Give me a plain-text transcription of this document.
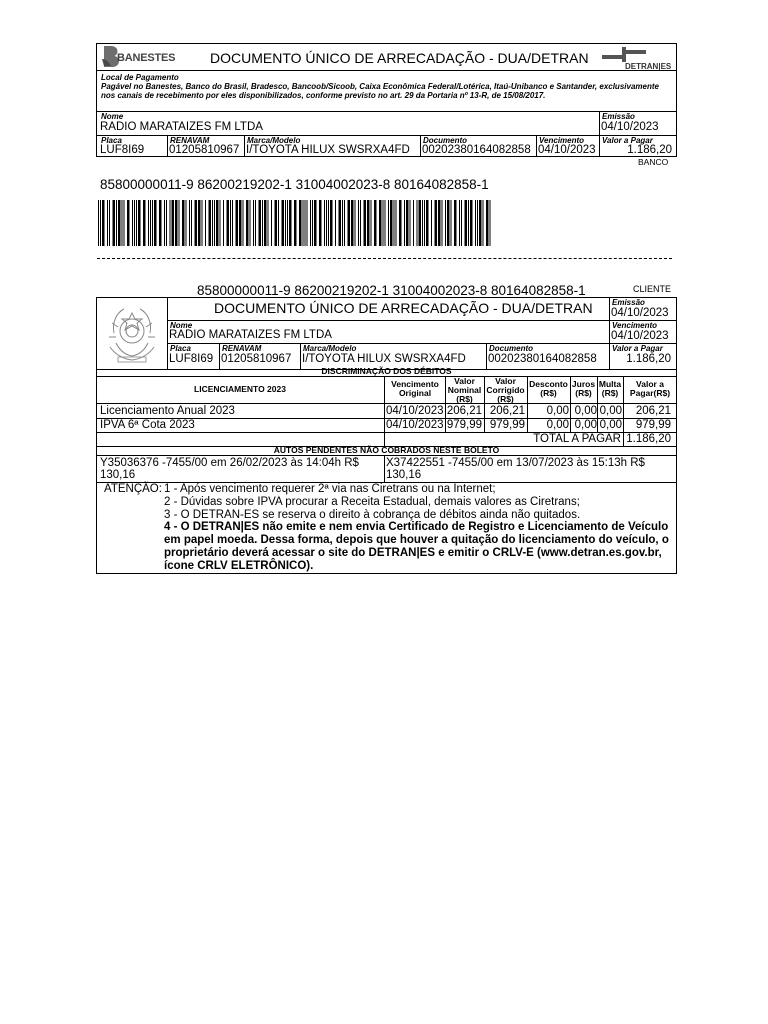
BANESTES DOCUMENTO ÚNICO DE ARRECADAÇÃO - DUA/DETRAN
DETRAN|ES
Local de Pagamento
Pagável no Banestes, Banco do Brasil, Bradesco, Bancoob/Sicoob, Caixa Econômica Federal/Lotérica, Itaú-Unibanco e Santander, exclusivamente nos canais de recebimento por eles disponibilizados, conforme previsto no art. 29 da Portaria nº 13-R, de 15/08/2017.
Nome
RADIO MARATAIZES FM LTDA
Emissão
04/10/2023
Placa
LUF8I69
RENAVAM
01205810967
Marca/Modelo
I/TOYOTA HILUX SWSRXA4FD
Documento
00202380164082858
Vencimento
04/10/2023
Valor a Pagar
1.186,20
BANCO
85800000011-9 86200219202-1 31004002023-8 80164082858-1
85800000011-9 86200219202-1 31004002023-8 80164082858-1	CLIENTE
DOCUMENTO ÚNICO DE ARRECADAÇÃO - DUA/DETRAN Emissão
04/10/2023
Nome
RADIO MARATAIZES FM LTDA
Vencimento
04/10/2023
Placa
LUF8I69
RENAVAM
01205810967
Marca/Modelo
I/TOYOTA HILUX SWSRXA4FD
Documento
00202380164082858
Valor a Pagar
1.186,20
DISCRIMINAÇÃO DOS DÉBITOS
LICENCIAMENTO 2023	Vencimento Original
Valor Nominal (R$)
Valor Corrigido (R$)
Desconto (R$)
Juros (R$)
Multa (R$)
Valor a Pagar(R$)
Licenciamento Anual 2023	04/10/2023 206,21 206,21	0,00 0,00 0,00	206,21
IPVA 6ª Cota 2023	04/10/2023 979,99 979,99	0,00 0,00 0,00	979,99
TOTAL A PAGAR 1.186,20
AUTOS PENDENTES NÃO COBRADOS NESTE BOLETO
Y35036376 -7455/00 em 26/02/2023 às 14:04h R$ 130,16
X37422551 -7455/00 em 13/07/2023 às 15:13h R$ 130,16
ATENÇÃO: 1 - Após vencimento requerer 2ª via nas Ciretrans ou na Internet;
2 - Dúvidas sobre IPVA procurar a Receita Estadual, demais valores as Ciretrans;
3 - O DETRAN-ES se reserva o direito à cobrança de débitos ainda não quitados.
4 - O DETRAN|ES não emite e nem envia Certificado de Registro e Licenciamento de Veículo em papel moeda. Dessa forma, depois que houver a quitação do licenciamento do veículo, o proprietário deverá acessar o site do DETRAN|ES e emitir o CRLV-E (www.detran.es.gov.br, ícone CRLV ELETRÔNICO).
